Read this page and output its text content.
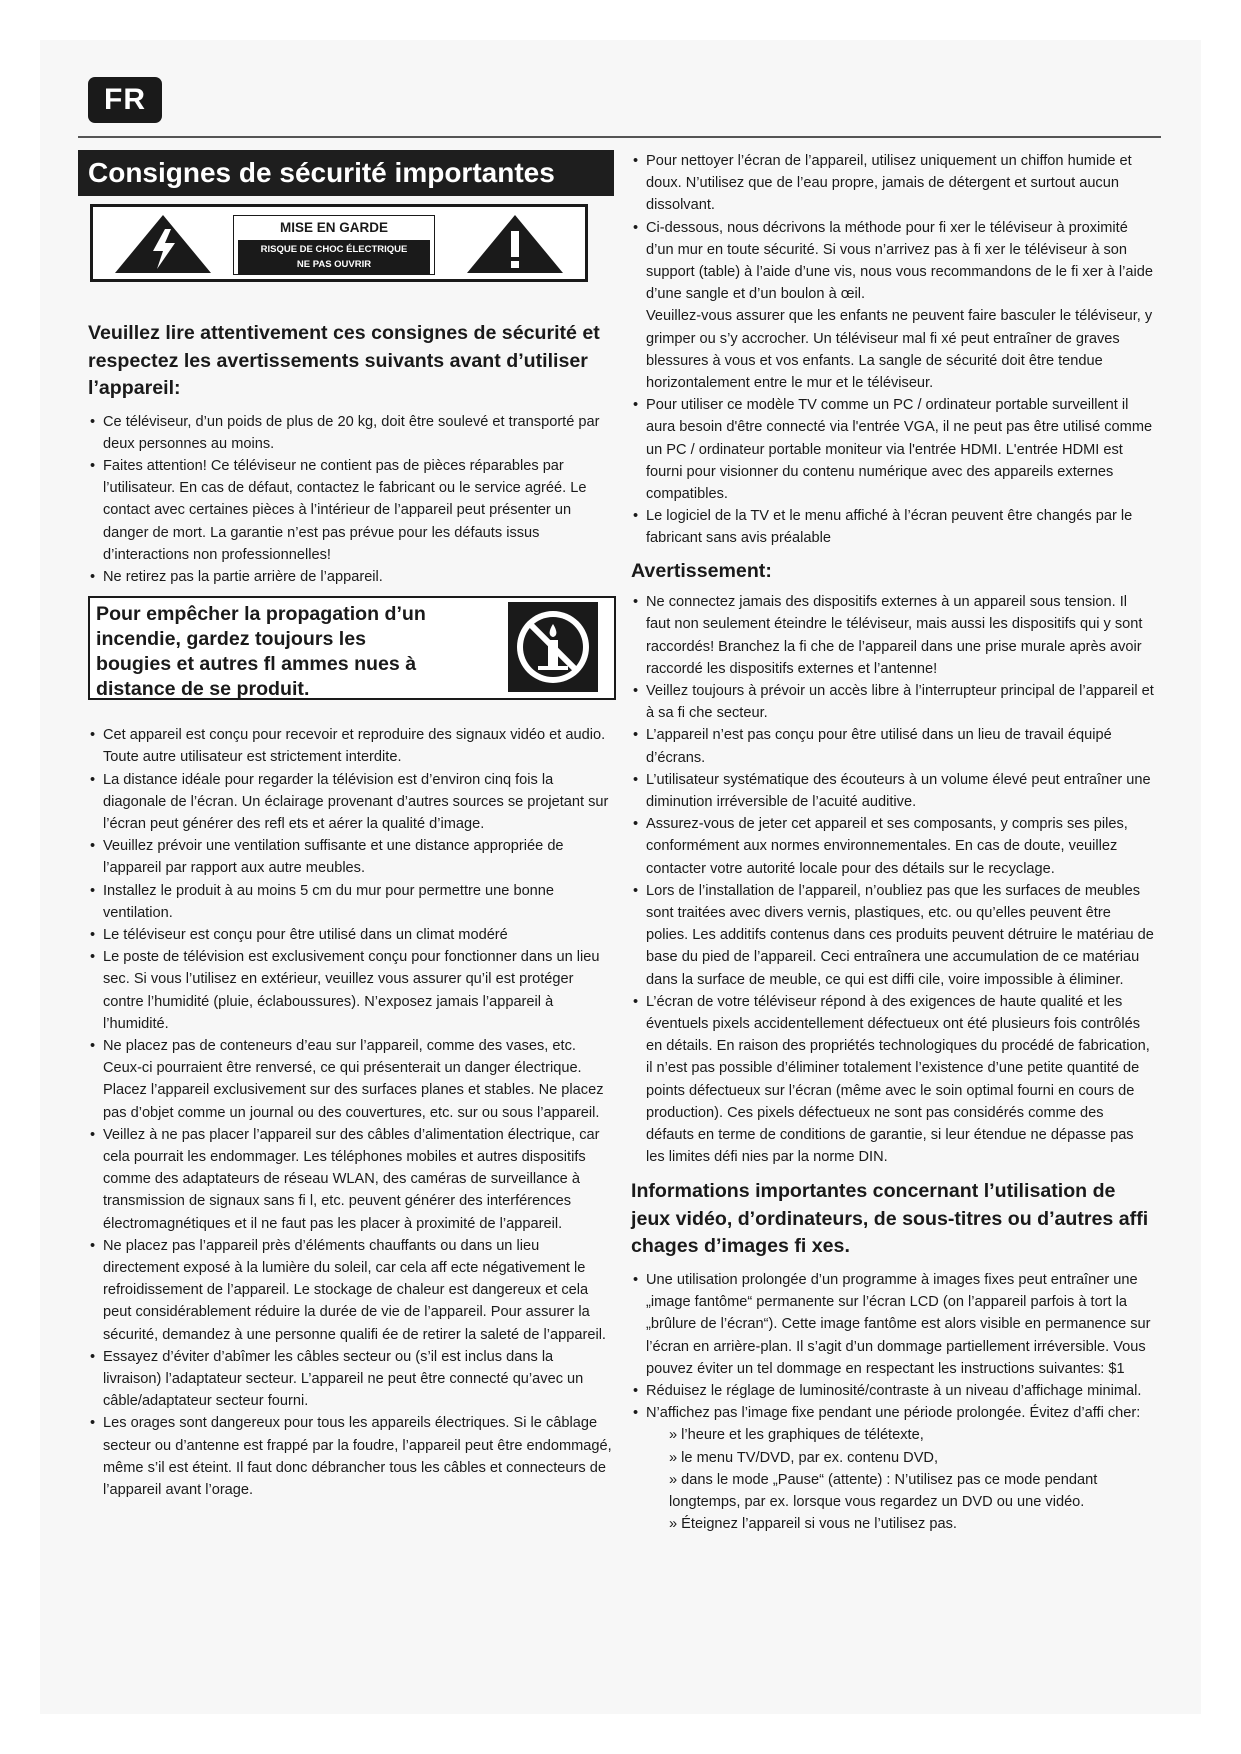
FR
Consignes de sécurité importantes
MISE EN GARDE
RISQUE DE CHOC ÉLECTRIQUE
NE PAS OUVRIR
Veuillez lire attentivement ces consignes de sécurité et respectez les avertissements suivants avant d’utiliser l’appareil:
• Ce téléviseur, d’un poids de plus de 20 kg, doit être soulevé et transporté par deux personnes au moins.
• Faites attention! Ce téléviseur ne contient pas de pièces réparables par l’utilisateur. En cas de défaut, contactez le fabricant ou le service agréé. Le contact avec certaines pièces à l’intérieur de l’appareil peut présenter un danger de mort. La garantie n’est pas prévue pour les défauts issus d’interactions non professionnelles!
• Ne retirez pas la partie arrière de l’appareil.
Pour empêcher la propagation d’un incendie, gardez toujours les bougies et autres fl ammes nues à distance de se produit.
• Cet appareil est conçu pour recevoir et reproduire des signaux vidéo et audio. Toute autre utilisateur est strictement interdite.
• La distance idéale pour regarder la télévision est d’environ cinq fois la diagonale de l’écran. Un éclairage provenant d’autres sources se projetant sur l’écran peut générer des refl ets et aérer la qualité d’image.
• Veuillez prévoir une ventilation suffisante et une distance appropriée de l’appareil par rapport aux autre meubles.
• Installez le produit à au moins 5 cm du mur pour permettre une bonne ventilation.
• Le téléviseur est conçu pour être utilisé dans un climat modéré
• Le poste de télévision est exclusivement conçu pour fonctionner dans un lieu sec. Si vous l’utilisez en extérieur, veuillez vous assurer qu’il est protéger contre l’humidité (pluie, éclaboussures). N’exposez jamais l’appareil à l’humidité.
• Ne placez pas de conteneurs d’eau sur l’appareil, comme des vases, etc. Ceux-ci pourraient être renversé, ce qui présenterait un danger électrique. Placez l’appareil exclusivement sur des surfaces planes et stables. Ne placez pas d’objet comme un journal ou des couvertures, etc. sur ou sous l’appareil.
• Veillez à ne pas placer l’appareil sur des câbles d’alimentation électrique, car cela pourrait les endommager. Les téléphones mobiles et autres dispositifs comme des adaptateurs de réseau WLAN, des caméras de surveillance à transmission de signaux sans fi l, etc. peuvent générer des interférences électromagnétiques et il ne faut pas les placer à proximité de l’appareil.
• Ne placez pas l’appareil près d’éléments chauffants ou dans un lieu directement exposé à la lumière du soleil, car cela aff ecte négativement le refroidissement de l’appareil. Le stockage de chaleur est dangereux et cela peut considérablement réduire la durée de vie de l’appareil. Pour assurer la sécurité, demandez à une personne qualifi ée de retirer la saleté de l’appareil.
• Essayez d’éviter d’abîmer les câbles secteur ou (s’il est inclus dans la livraison) l’adaptateur secteur. L’appareil ne peut être connecté qu’avec un câble/adaptateur secteur fourni.
• Les orages sont dangereux pour tous les appareils électriques. Si le câblage secteur ou d’antenne est frappé par la foudre, l’appareil peut être endommagé, même s’il est éteint. Il faut donc débrancher tous les câbles et connecteurs de l’appareil avant l’orage.
• Pour nettoyer l’écran de l’appareil, utilisez uniquement un chiffon humide et doux. N’utilisez que de l’eau propre, jamais de détergent et surtout aucun dissolvant.

• Ci-dessous, nous décrivons la méthode pour fi xer le téléviseur à proximité d’un mur en toute sécurité. Si vous n’arrivez pas à fi xer le téléviseur à son support (table) à l’aide d’une vis, nous vous recommandons de le fi xer à l’aide d’une sangle et d’un boulon à œil.

Veuillez-vous assurer que les enfants ne peuvent faire basculer le téléviseur, y grimper ou s’y accrocher. Un téléviseur mal fi xé peut entraîner de graves blessures à vous et vos enfants. La sangle de sécurité doit être tendue horizontalement entre le mur et le téléviseur.

• Pour utiliser ce modèle TV comme un PC / ordinateur portable surveillent il aura besoin d'être connecté via l'entrée VGA, il ne peut pas être utilisé comme un PC / ordinateur portable moniteur via l'entrée HDMI. L'entrée HDMI est fourni pour visionner du contenu numérique avec des appareils externes compatibles.
• Le logiciel de la TV et le menu affiché à l’écran peuvent être changés par le fabricant sans avis préalable
Avertissement:
• Ne connectez jamais des dispositifs externes à un appareil sous tension. Il faut non seulement éteindre le téléviseur, mais aussi les dispositifs qui y sont raccordés! Branchez la fi che de l’appareil dans une prise murale après avoir raccordé les dispositifs externes et l’antenne!
• Veillez toujours à prévoir un accès libre à l’interrupteur principal de l’appareil et à sa fi che secteur.
• L’appareil n’est pas conçu pour être utilisé dans un lieu de travail équipé d’écrans.
• L’utilisateur systématique des écouteurs à un volume élevé peut entraîner une diminution irréversible de l’acuité auditive.
• Assurez-vous de jeter cet appareil et ses composants, y compris ses piles, conformément aux normes environnementales. En cas de doute, veuillez contacter votre autorité locale pour des détails sur le recyclage.
• Lors de l’installation de l’appareil, n’oubliez pas que les surfaces de meubles sont traitées avec divers vernis, plastiques, etc. ou qu’elles peuvent être polies. Les additifs contenus dans ces produits peuvent détruire le matériau de base du pied de l’appareil. Ceci entraînera une accumulation de ce matériau dans la surface de meuble, ce qui est diffi cile, voire impossible à éliminer.
• L’écran de votre téléviseur répond à des exigences de haute qualité et les éventuels pixels accidentellement défectueux ont été plusieurs fois contrôlés en détails. En raison des propriétés technologiques du procédé de fabrication, il n’est pas possible d’éliminer totalement l’existence d’une petite quantité de points défectueux sur l’écran (même avec le soin optimal fourni en cours de production). Ces pixels défectueux ne sont pas considérés comme des défauts en terme de conditions de garantie, si leur étendue ne dépasse pas les limites défi nies par la norme DIN.
Informations importantes concernant l’utilisation de jeux vidéo, d’ordinateurs, de sous-titres ou d’autres affi chages d’images fi xes.
• Une utilisation prolongée d’un programme à images fixes peut entraîner une „image fantôme“ permanente sur l’écran LCD (on l’appareil parfois à tort la „brûlure de l’écran“). Cette image fantôme est alors visible en permanence sur l’écran en arrière-plan. Il s’agit d’un dommage partiellement irréversible. Vous pouvez éviter un tel dommage en respectant les instructions suivantes: $1
• Réduisez le réglage de luminosité/contraste à un niveau d’affichage minimal.
• N’affichez pas l’image fixe pendant une période prolongée. Évitez d’affi cher:
» l’heure et les graphiques de télétexte,
» le menu TV/DVD, par ex. contenu DVD,
» dans le mode „Pause“ (attente) : N’utilisez pas ce mode pendant longtemps, par ex. lorsque vous regardez un DVD ou une vidéo.
» Éteignez l’appareil si vous ne l’utilisez pas.
